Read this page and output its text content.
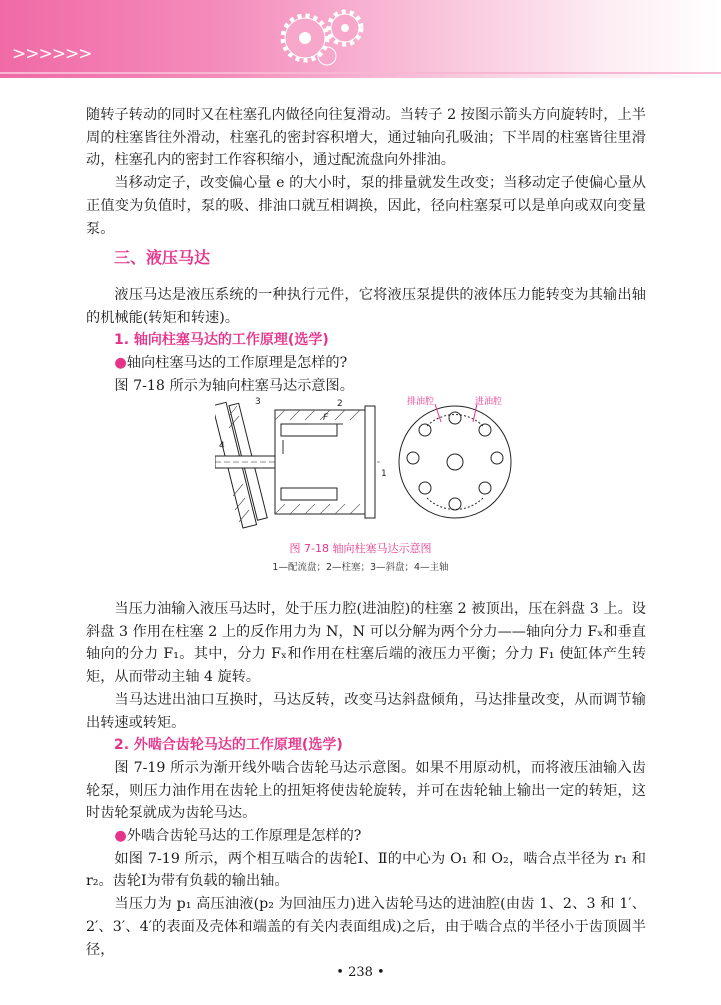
>>>>>>

随转子转动的同时又在柱塞孔内做径向往复滑动。当转子 2 按图示箭头方向旋转时，上半周的柱塞皆往外滑动，柱塞孔的密封容积增大，通过轴向孔吸油；下半周的柱塞皆往里滑动，柱塞孔内的密封工作容积缩小，通过配流盘向外排油。

当移动定子，改变偏心量 e 的大小时，泵的排量就发生改变；当移动定子使偏心量从正值变为负值时，泵的吸、排油口就互相调换，因此，径向柱塞泵可以是单向或双向变量泵。

三、液压马达

液压马达是液压系统的一种执行元件，它将液压泵提供的液体压力能转变为其输出轴的机械能(转矩和转速)。

1. 轴向柱塞马达的工作原理(选学)
●轴向柱塞马达的工作原理是怎样的?

图 7-18 所示为轴向柱塞马达示意图。

3	2
4
1
F
排油腔	进油腔
图 7-18 轴向柱塞马达示意图
1—配流盘；2—柱塞；3—斜盘；4—主轴

当压力油输入液压马达时，处于压力腔(进油腔)的柱塞 2 被顶出，压在斜盘 3 上。设斜盘 3 作用在柱塞 2 上的反作用力为 N，N 可以分解为两个分力——轴向分力 Fₓ和垂直轴向的分力 F₁。其中，分力 Fₓ和作用在柱塞后端的液压力平衡；分力 F₁ 使缸体产生转矩，从而带动主轴 4 旋转。

当马达进出油口互换时，马达反转，改变马达斜盘倾角，马达排量改变，从而调节输出转速或转矩。

2. 外啮合齿轮马达的工作原理(选学)

图 7-19 所示为渐开线外啮合齿轮马达示意图。如果不用原动机，而将液压油输入齿轮泵，则压力油作用在齿轮上的扭矩将使齿轮旋转，并可在齿轮轴上输出一定的转矩，这时齿轮泵就成为齿轮马达。

●外啮合齿轮马达的工作原理是怎样的?

如图 7-19 所示，两个相互啮合的齿轮Ⅰ、Ⅱ的中心为 O₁ 和 O₂，啮合点半径为 r₁ 和 r₂。齿轮Ⅰ为带有负载的输出轴。

当压力为 p₁ 高压油液(p₂ 为回油压力)进入齿轮马达的进油腔(由齿 1、2、3 和 1′、2′、3′、4′的表面及壳体和端盖的有关内表面组成)之后，由于啮合点的半径小于齿顶圆半径，

• 238 •
